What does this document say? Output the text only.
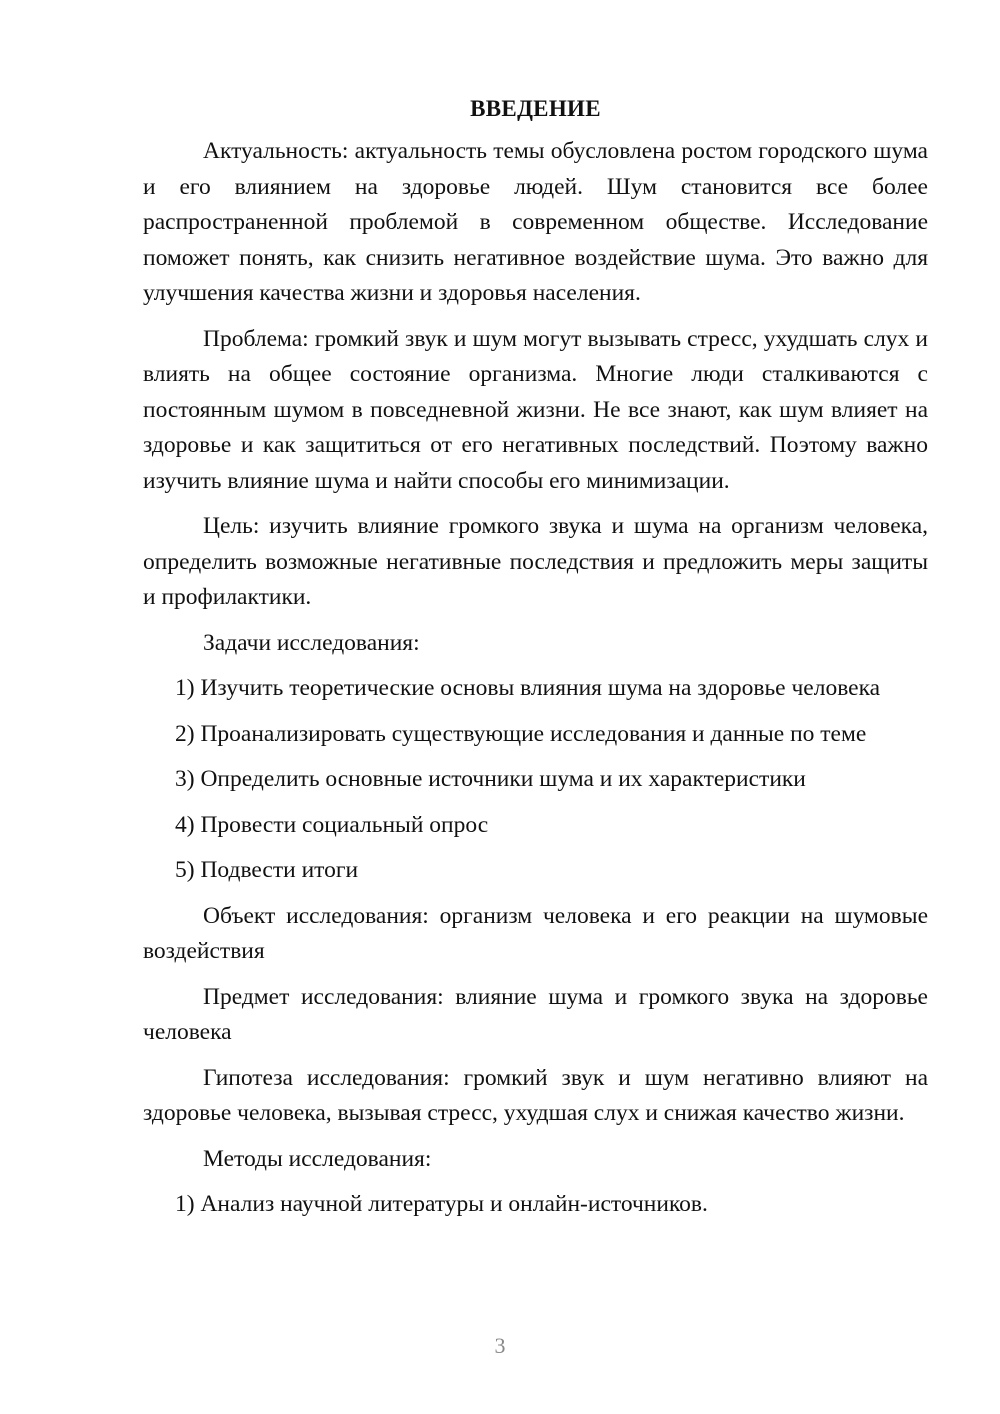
ВВЕДЕНИЕ

Актуальность: актуальность темы обусловлена ростом городского шума и его влиянием на здоровье людей. Шум становится все более распространенной проблемой в современном обществе. Исследование поможет понять, как снизить негативное воздействие шума. Это важно для улучшения качества жизни и здоровья населения.

Проблема: громкий звук и шум могут вызывать стресс, ухудшать слух и влиять на общее состояние организма. Многие люди сталкиваются с постоянным шумом в повседневной жизни. Не все знают, как шум влияет на здоровье и как защититься от его негативных последствий. Поэтому важно изучить влияние шума и найти способы его минимизации.

Цель: изучить влияние громкого звука и шума на организм человека, определить возможные негативные последствия и предложить меры защиты и профилактики.

Задачи исследования:

1) Изучить теоретические основы влияния шума на здоровье человека

2) Проанализировать существующие исследования и данные по теме

3) Определить основные источники шума и их характеристики

4) Провести социальный опрос

5) Подвести итоги

Объект исследования: организм человека и его реакции на шумовые воздействия

Предмет исследования: влияние шума и громкого звука на здоровье человека

Гипотеза исследования: громкий звук и шум негативно влияют на здоровье человека, вызывая стресс, ухудшая слух и снижая качество жизни.

Методы исследования:

1) Анализ научной литературы и онлайн-источников.

3
